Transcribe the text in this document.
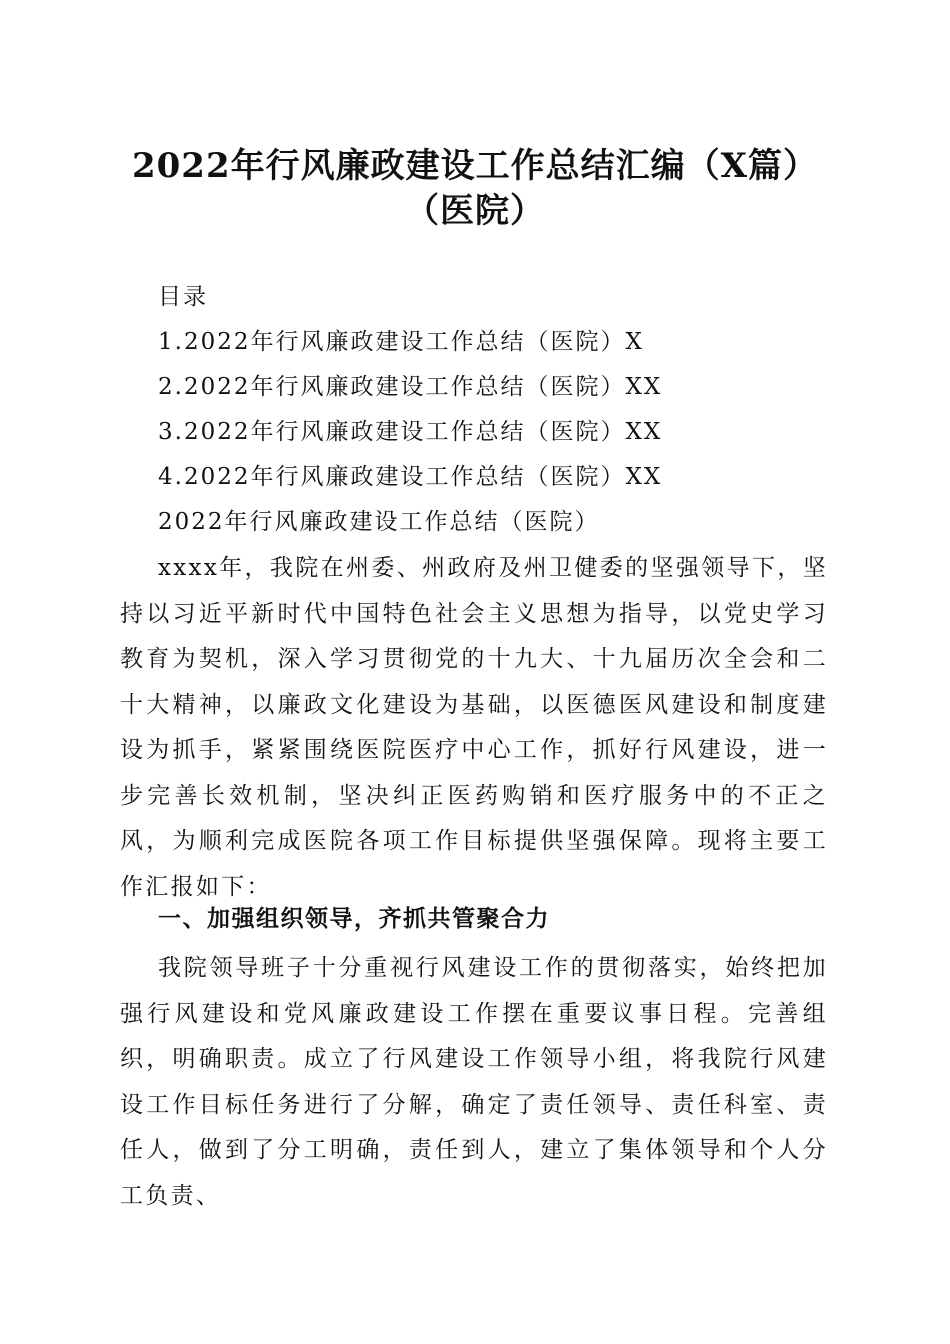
2022年行风廉政建设工作总结汇编（X篇）
（医院）
目录
1.2022年行风廉政建设工作总结（医院）X
2.2022年行风廉政建设工作总结（医院）XX
3.2022年行风廉政建设工作总结（医院）XX
4.2022年行风廉政建设工作总结（医院）XX
2022年行风廉政建设工作总结（医院）

xxxx年，我院在州委、州政府及州卫健委的坚强领导下，坚持以习近平新时代中国特色社会主义思想为指导，以党史学习教育为契机，深入学习贯彻党的十九大、十九届历次全会和二十大精神，以廉政文化建设为基础，以医德医风建设和制度建设为抓手，紧紧围绕医院医疗中心工作，抓好行风建设，进一步完善长效机制，坚决纠正医药购销和医疗服务中的不正之风，为顺利完成医院各项工作目标提供坚强保障。现将主要工作汇报如下：

一、加强组织领导，齐抓共管聚合力

我院领导班子十分重视行风建设工作的贯彻落实，始终把加强行风建设和党风廉政建设工作摆在重要议事日程。完善组织，明确职责。成立了行风建设工作领导小组，将我院行风建设工作目标任务进行了分解，确定了责任领导、责任科室、责任人，做到了分工明确，责任到人，建立了集体领导和个人分工负责、
